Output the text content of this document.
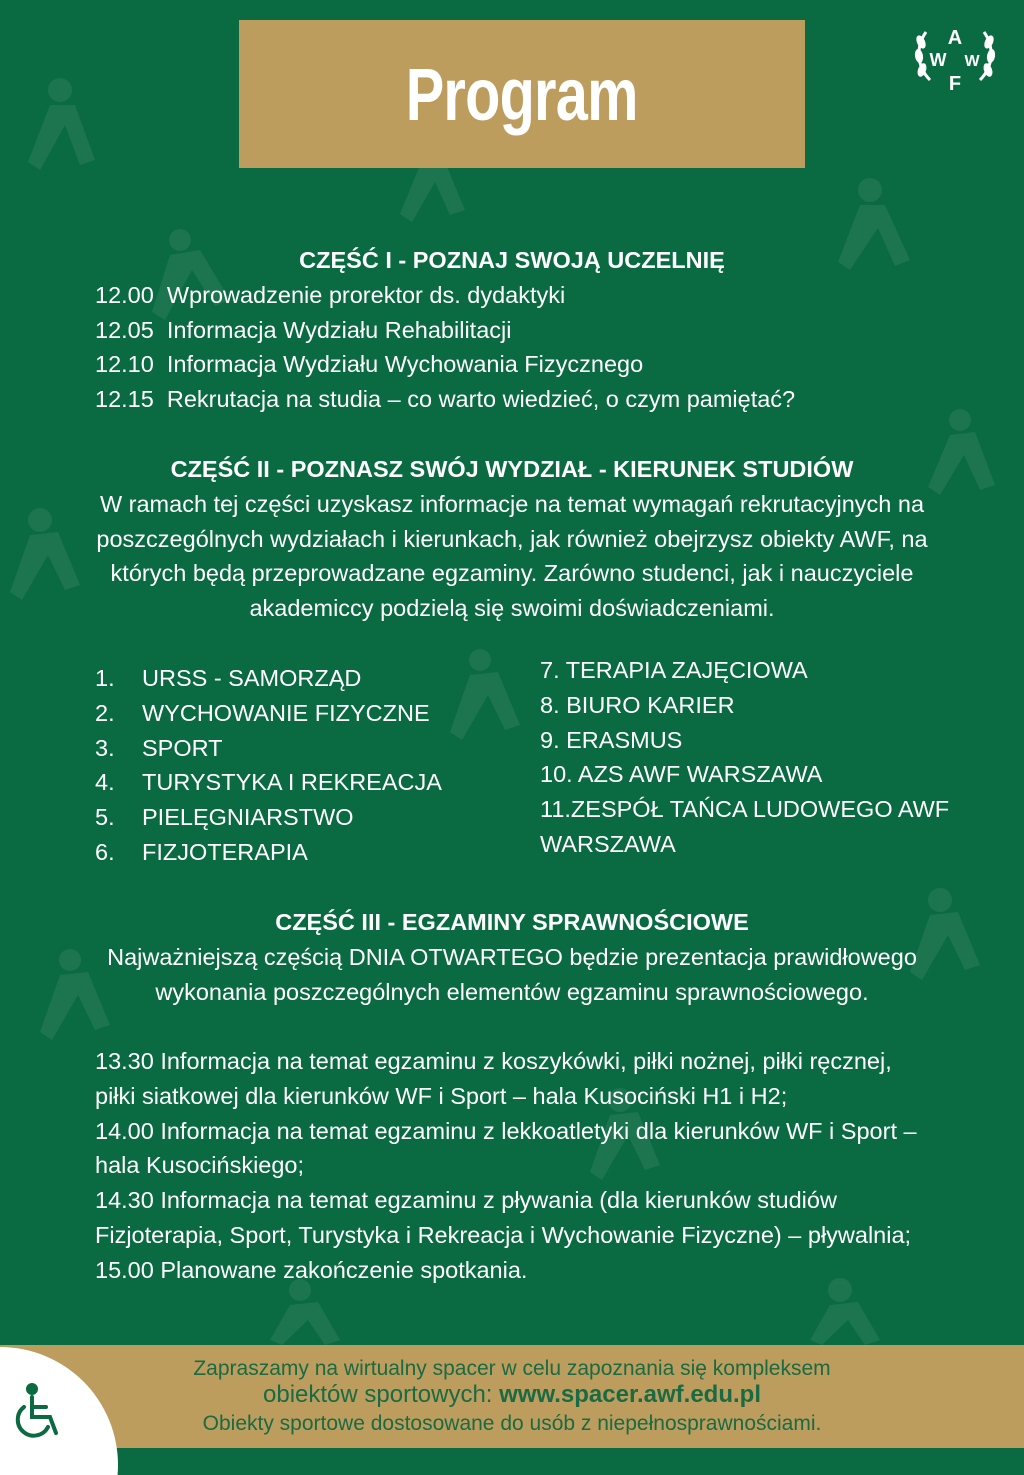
Program
A
W W
F

CZĘŚĆ I - POZNAJ SWOJĄ UCZELNIĘ

12.00  Wprowadzenie prorektor ds. dydaktyki
12.05  Informacja Wydziału Rehabilitacji
12.10  Informacja Wydziału Wychowania Fizycznego
12.15  Rekrutacja na studia – co warto wiedzieć, o czym pamiętać?

CZĘŚĆ II - POZNASZ SWÓJ WYDZIAŁ - KIERUNEK STUDIÓW

W ramach tej części uzyskasz informacje na temat wymagań rekrutacyjnych na
poszczególnych wydziałach i kierunkach, jak również obejrzysz obiekty AWF, na
których będą przeprowadzane egzaminy. Zarówno studenci, jak i nauczyciele
akademiccy podzielą się swoimi doświadczeniami.
1. URSS - SAMORZĄD
2. WYCHOWANIE FIZYCZNE
3. SPORT
4. TURYSTYKA I REKREACJA
5. PIELĘGNIARSTWO
6. FIZJOTERAPIA
7. TERAPIA ZAJĘCIOWA
8. BIURO KARIER
9. ERASMUS
10. AZS AWF WARSZAWA
11.ZESPÓŁ TAŃCA LUDOWEGO AWF
WARSZAWA

CZĘŚĆ III - EGZAMINY SPRAWNOŚCIOWE

Najważniejszą częścią DNIA OTWARTEGO będzie prezentacja prawidłowego
wykonania poszczególnych elementów egzaminu sprawnościowego.
13.30 Informacja na temat egzaminu z koszykówki, piłki nożnej, piłki ręcznej,
piłki siatkowej dla kierunków WF i Sport – hala Kusociński H1 i H2;
14.00 Informacja na temat egzaminu z lekkoatletyki dla kierunków WF i Sport –
hala Kusocińskiego;
14.30 Informacja na temat egzaminu z pływania (dla kierunków studiów
Fizjoterapia, Sport, Turystyka i Rekreacja i Wychowanie Fizyczne) – pływalnia;
15.00 Planowane zakończenie spotkania.
Zapraszamy na wirtualny spacer w celu zapoznania się kompleksem
obiektów sportowych: www.spacer.awf.edu.pl
Obiekty sportowe dostosowane do usób z niepełnosprawnościami.
